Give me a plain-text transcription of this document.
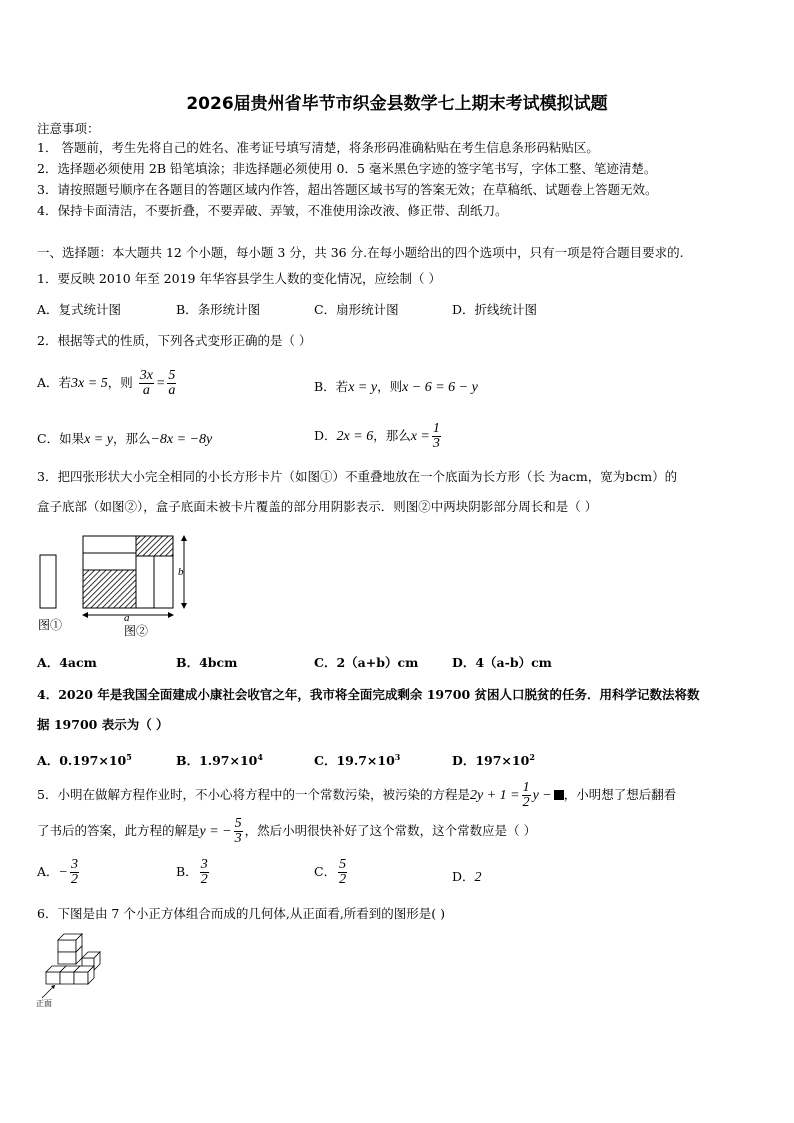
2026届贵州省毕节市织金县数学七上期末考试模拟试题
注意事项：
1． 答题前，考生先将自己的姓名、准考证号填写清楚，将条形码准确粘贴在考生信息条形码粘贴区。
2．选择题必须使用 2B 铅笔填涂；非选择题必须使用 0．5 毫米黑色字迹的签字笔书写，字体工整、笔迹清楚。
3．请按照题号顺序在各题目的答题区域内作答，超出答题区域书写的答案无效；在草稿纸、试题卷上答题无效。
4．保持卡面清洁，不要折叠，不要弄破、弄皱，不准使用涂改液、修正带、刮纸刀。
一、选择题：本大题共 12 个小题，每小题 3 分，共 36 分.在每小题给出的四个选项中，只有一项是符合题目要求的.
1．要反映 2010 年至 2019 年华容县学生人数的变化情况，应绘制（ ）
A．复式统计图	B．条形统计图	C．扇形统计图	D．折线统计图
2．根据等式的性质，下列各式变形正确的是（ ）
A．若3x = 5，则 $\frac{3x}{a} = \frac{5}{a}$	B．若x = y，则x − 6 = 6 − y
C．如果x = y，那么−8x = −8y	D．2x = 6，那么$x = \frac{1}{3}$
3．把四张形状大小完全相同的小长方形卡片（如图①）不重叠地放在一个底面为长方形（长 为acm，宽为bcm）的
盒子底部（如图②），盒子底面未被卡片覆盖的部分用阴影表示．则图②中两块阴影部分周长和是（ ）
图①
b
a
图②
A．4acm	B．4bcm	C．2（a+b）cm	D．4（a-b）cm
4．2020 年是我国全面建成小康社会收官之年，我市将全面完成剩余 19700 贫困人口脱贫的任务．用科学记数法将数
据 19700 表示为（ ）
A．$0.197\times 10^5$	B．$1.97\times 10^4$	C．$19.7\times 10^3$	D．$197\times 10^2$
5．小明在做解方程作业时，不小心将方程中的一个常数污染，被污染的方程是$2y + 1 = \frac{1}{2}$ y − ，小明想了想后翻看
了书后的答案，此方程的解是y = − $\frac{5}{3}$ ，然后小明很快补好了这个常数，这个常数应是（ ）
A．− $\frac{3}{2}$	B． $\frac{3}{2}$	C． $\frac{5}{2}$	D．2
6．下图是由 7 个小正方体组合而成的几何体,从正面看,所看到的图形是( )
正面
